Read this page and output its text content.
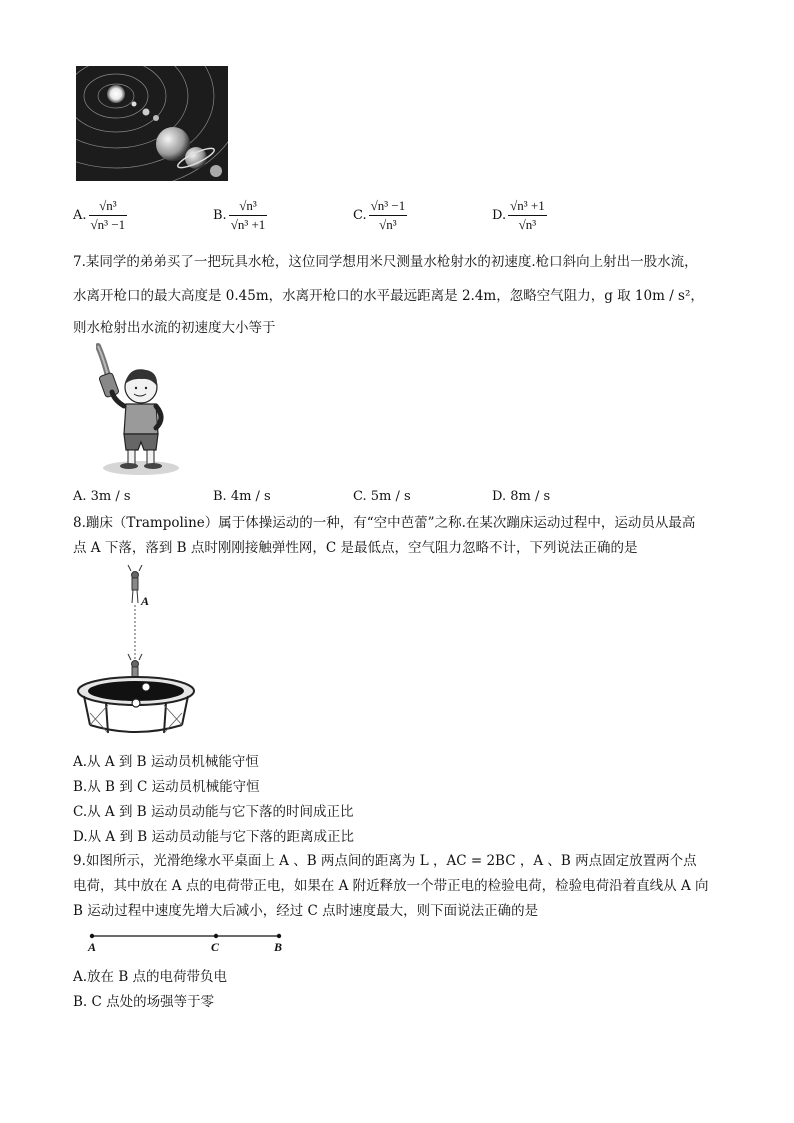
A. $\frac{\text{√n³}}{\text{√n³ −1}}$	B. $\frac{\text{√n³}}{\text{√n³ +1}}$	C. $\frac{\text{√n³ −1}}{\text{√n³}}$	D. $\frac{\text{√n³ +1}}{\text{√n³}}$
7.某同学的弟弟买了一把玩具水枪，这位同学想用米尺测量水枪射水的初速度.枪口斜向上射出一股水流，
水离开枪口的最大高度是 0.45m，水离开枪口的水平最远距离是 2.4m，忽略空气阻力，g 取 10m / s²，
则水枪射出水流的初速度大小等于
A. 3m / s	B. 4m / s	C. 5m / s	D. 8m / s
8.蹦床（Trampoline）属于体操运动的一种，有“空中芭蕾”之称.在某次蹦床运动过程中，运动员从最高
点 A 下落，落到 B 点时刚刚接触弹性网，C 是最低点，空气阻力忽略不计，下列说法正确的是
A
A.从 A 到 B 运动员机械能守恒
B.从 B 到 C 运动员机械能守恒
C.从 A 到 B 运动员动能与它下落的时间成正比
D.从 A 到 B 运动员动能与它下落的距离成正比
9.如图所示，光滑绝缘水平桌面上 A 、B 两点间的距离为 L ，AC = 2BC ，A 、B 两点固定放置两个点
电荷，其中放在 A 点的电荷带正电，如果在 A 附近释放一个带正电的检验电荷，检验电荷沿着直线从 A 向
B 运动过程中速度先增大后减小，经过 C 点时速度最大，则下面说法正确的是
A	C	B
A.放在 B 点的电荷带负电
B. C 点处的场强等于零
